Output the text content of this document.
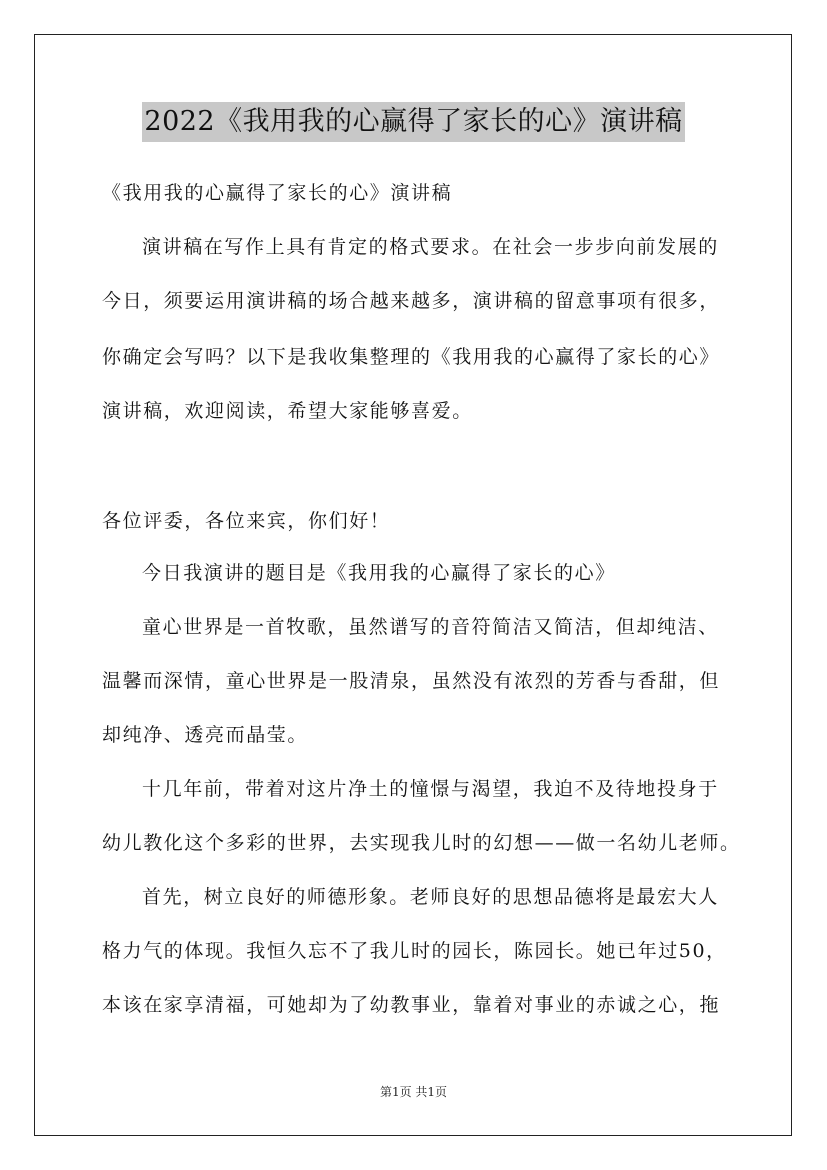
2022《我用我的心赢得了家长的心》演讲稿
《我用我的心赢得了家长的心》演讲稿
演讲稿在写作上具有肯定的格式要求。在社会一步步向前发展的
今日，须要运用演讲稿的场合越来越多，演讲稿的留意事项有很多，
你确定会写吗？以下是我收集整理的《我用我的心赢得了家长的心》
演讲稿，欢迎阅读，希望大家能够喜爱。
各位评委，各位来宾，你们好！
今日我演讲的题目是《我用我的心赢得了家长的心》
童心世界是一首牧歌，虽然谱写的音符简洁又简洁，但却纯洁、
温馨而深情，童心世界是一股清泉，虽然没有浓烈的芳香与香甜，但
却纯净、透亮而晶莹。
十几年前，带着对这片净土的憧憬与渴望，我迫不及待地投身于
幼儿教化这个多彩的世界，去实现我儿时的幻想——做一名幼儿老师。
首先，树立良好的师德形象。老师良好的思想品德将是最宏大人
格力气的体现。我恒久忘不了我儿时的园长，陈园长。她已年过50，
本该在家享清福，可她却为了幼教事业，靠着对事业的赤诚之心，拖
第1页 共1页
